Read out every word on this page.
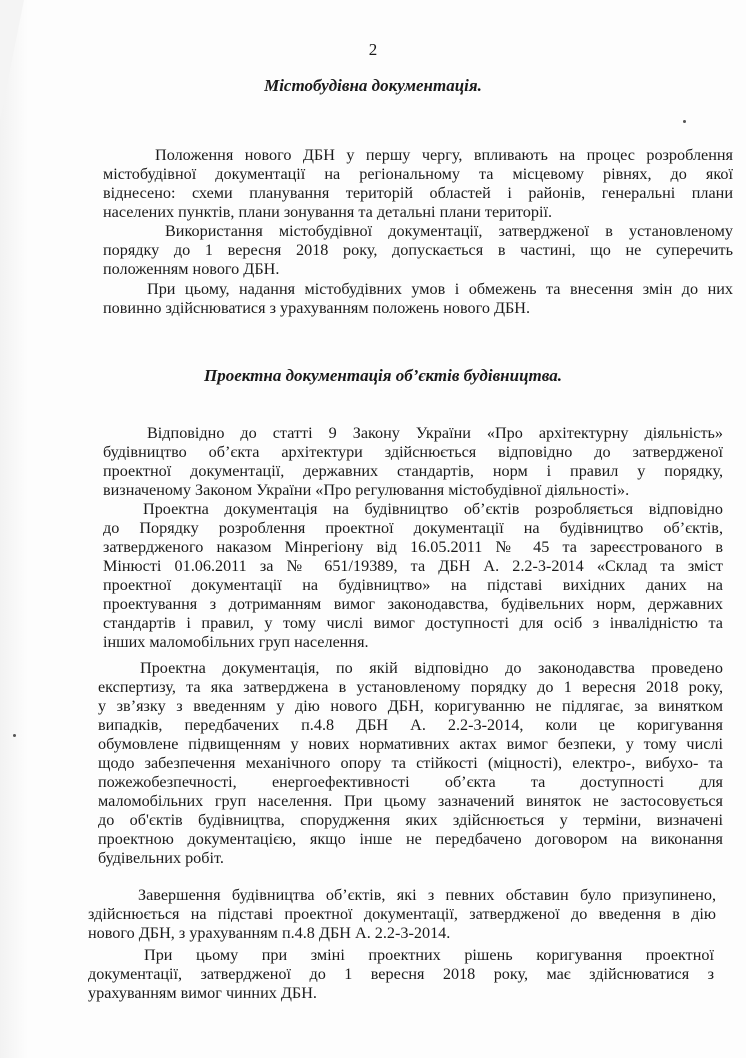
2
Містобудівна документація.
Положення нового ДБН у першу чергу, впливають на процес розроблення
містобудівної документації на регіональному та місцевому рівнях, до якої
віднесено: схеми планування територій областей і районів, генеральні плани
населених пунктів, плани зонування та детальні плани території.
Використання містобудівної документації, затвердженої в установленому
порядку до 1 вересня 2018 року, допускається в частині, що не суперечить
положенням нового ДБН.
При цьому, надання містобудівних умов і обмежень та внесення змін до них
повинно здійснюватися з урахуванням положень нового ДБН.
Проектна документація об’єктів будівництва.
Відповідно до статті 9 Закону України «Про архітектурну діяльність»
будівництво об’єкта архітектури здійснюється відповідно до затвердженої
проектної документації, державних стандартів, норм і правил у порядку,
визначеному Законом України «Про регулювання містобудівної діяльності».
Проектна документація на будівництво об’єктів розробляється відповідно
до Порядку розроблення проектної документації на будівництво об’єктів,
затвердженого наказом Мінрегіону від 16.05.2011 № 45 та зареєстрованого в
Мінюсті 01.06.2011 за № 651/19389, та ДБН А. 2.2-3-2014 «Склад та зміст
проектної документації на будівництво» на підставі вихідних даних на
проектування з дотриманням вимог законодавства, будівельних норм, державних
стандартів і правил, у тому числі вимог доступності для осіб з інвалідністю та
інших маломобільних груп населення.
Проектна документація, по якій відповідно до законодавства проведено
експертизу, та яка затверджена в установленому порядку до 1 вересня 2018 року,
у зв’язку з введенням у дію нового ДБН, коригуванню не підлягає, за винятком
випадків, передбачених п.4.8 ДБН А. 2.2-3-2014, коли це коригування
обумовлене підвищенням у нових нормативних актах вимог безпеки, у тому числі
щодо забезпечення механічного опору та стійкості (міцності), електро-, вибухо- та
пожежобезпечності, енергоефективності об’єкта та доступності для
маломобільних груп населення. При цьому зазначений виняток не застосовується
до об'єктів будівництва, спорудження яких здійснюється у терміни, визначені
проектною документацією, якщо інше не передбачено договором на виконання
будівельних робіт.
Завершення будівництва об’єктів, які з певних обставин було призупинено,
здійснюється на підставі проектної документації, затвердженої до введення в дію
нового ДБН, з урахуванням п.4.8 ДБН А. 2.2-3-2014.
При цьому при зміні проектних рішень коригування проектної
документації, затвердженої до 1 вересня 2018 року, має здійснюватися з
урахуванням вимог чинних ДБН.
